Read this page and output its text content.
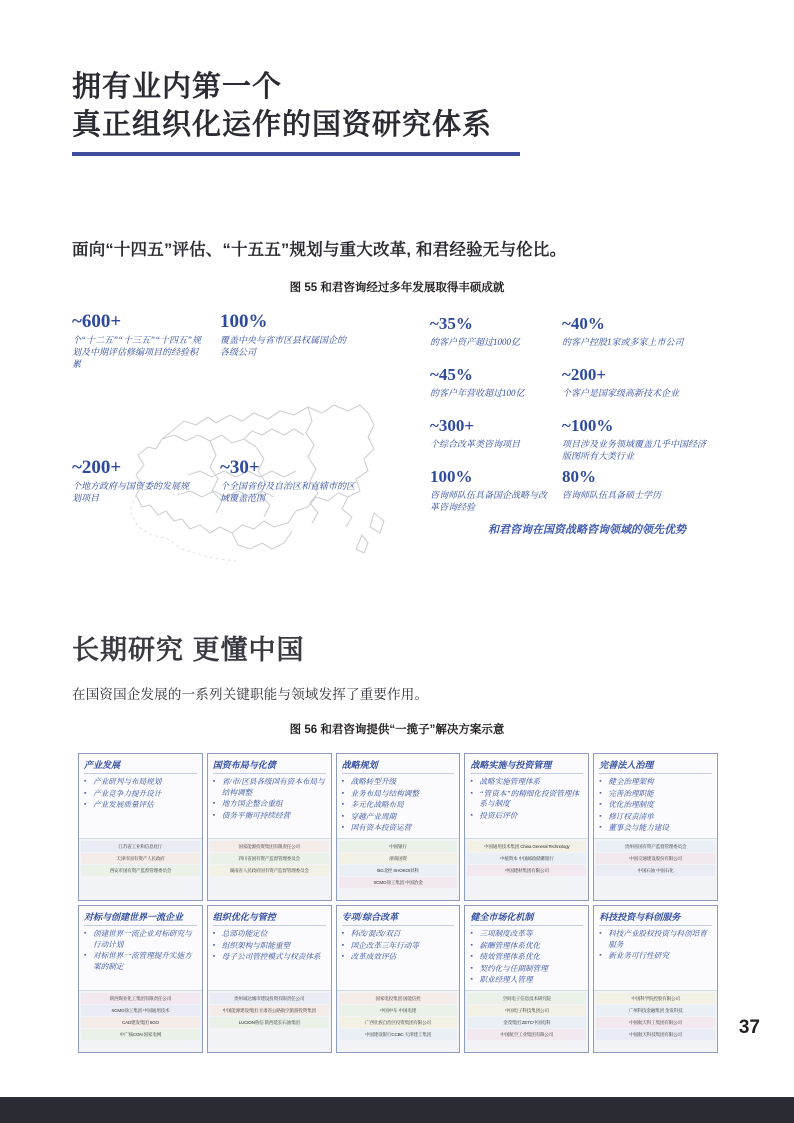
拥有业内第一个
真正组织化运作的国资研究体系
面向“十四五”评估、“十五五”规划与重大改革, 和君经验无与伦比。
图 55 和君咨询经过多年发展取得丰硕成就
~600+
个“十二五”“十三五”“十四五”规划及中期评估修编项目的经验积累
100%
覆盖中央与省市区县权属国企的各级公司
~200+
个地方政府与国资委的发展规划项目
~30+
个全国省份及自治区和直辖市的区域覆盖范围
~35%
的客户资产超过1000亿
~40%
的客户控股1家或多家上市公司
~45%
的客户年营收超过100亿
~200+
个客户是国家级高新技术企业
~300+
个综合改革类咨询项目
~100%
项目涉及业务领域覆盖几乎中国经济版图所有大类行业
100%
咨询师队伍具备国企战略与改革咨询经验
80%
咨询师队伍具备硕士学历
和君咨询在国资战略咨询领域的领先优势
长期研究 更懂中国
在国资国企发展的一系列关键职能与领域发挥了重要作用。
图 56 和君咨询提供“一揽子”解决方案示意
产业发展
▪ 产业研判与布局规划
▪ 产业竞争力提升设计
▪ 产业发展质量评估
江苏省工业和信息化厅
天津市国有资产人民政府
西安市国有资产监督管理委员会
国资布局与化债
▪ 省/市/区县各级国有资本布局与结构调整
▪ 地方国企整合重组
▪ 债务平衡可持续经营
国家能源投资集团有限责任公司
四川省国有资产监督管理委员会
湖南省人民政府国有资产监督管理委员会
战略规划
▪ 战略转型升级
▪ 业务布局与结构调整
▪ 多元化战略布局
▪ 穿越产业周期
▪ 国有资本投资运营
中国银行
浙商国资
BG北控 SHOKOI昇科
XCMG徐工集团 中国冶金
战略实施与投资管理
▪ 战略实施管理体系
▪ “管资本”的精细化投资管理体系与制度
▪ 投资后评价
中国通用技术集团 China General Technology
中植资本 中国邮政储蓄银行
中国建材集团有限公司
完善法人治理
▪ 健全治理架构
▪ 完善治理职能
▪ 优化治理制度
▪ 修订权责清单
▪ 董事会与能力建设
贵州省国有资产监督管理委员会
中国交通建设股份有限公司
中国石油 中国石化
对标与创建世界一流企业
▪ 创建世界一流企业对标研究与行动计划
▪ 对标世界一流管理提升实施方案的制定
陕西煤业化工集团有限责任公司
XCMG徐工集团 中国通用技术
CAD建发集团 5GO
中广核CGN 国家电网
组织优化与管控
▪ 总部功能定位
▪ 组织架构与职能重塑
▪ 母子公司管控模式与权责体系
贵州诚达城市建设投资有限责任公司
中国能源建设集团 甘肃省公路航空旅游投资集团
LUCION鲁信 陕西延长石油集团
专项/综合改革
▪ 科改/混改/双百
▪ 国企改革三年行动等
▪ 改革成效评估
国家电投集团 国能信控
中国中车 中国电建
广西壮族自治区投资集团有限公司
中国建设银行CCBC 天津建工集团
健全市场化机制
▪ 三项制度改革等
▪ 薪酬管理体系优化
▪ 绩效管理体系优化
▪ 契约化与任期制管理
▪ 职业经理人管理
空间电子信息技术研究院
中国电子科技集团公司
金茂集团 ZETC中国电科
中国航空工业集团有限公司
科技投资与科创服务
▪ 科技产业股权投资与科创培育服务
▪ 新业务可行性研究
中国科学院控股有限公司
广州科技金融集团 金发科技
中国航天科工集团有限公司
中国航天科技集团有限公司	37
